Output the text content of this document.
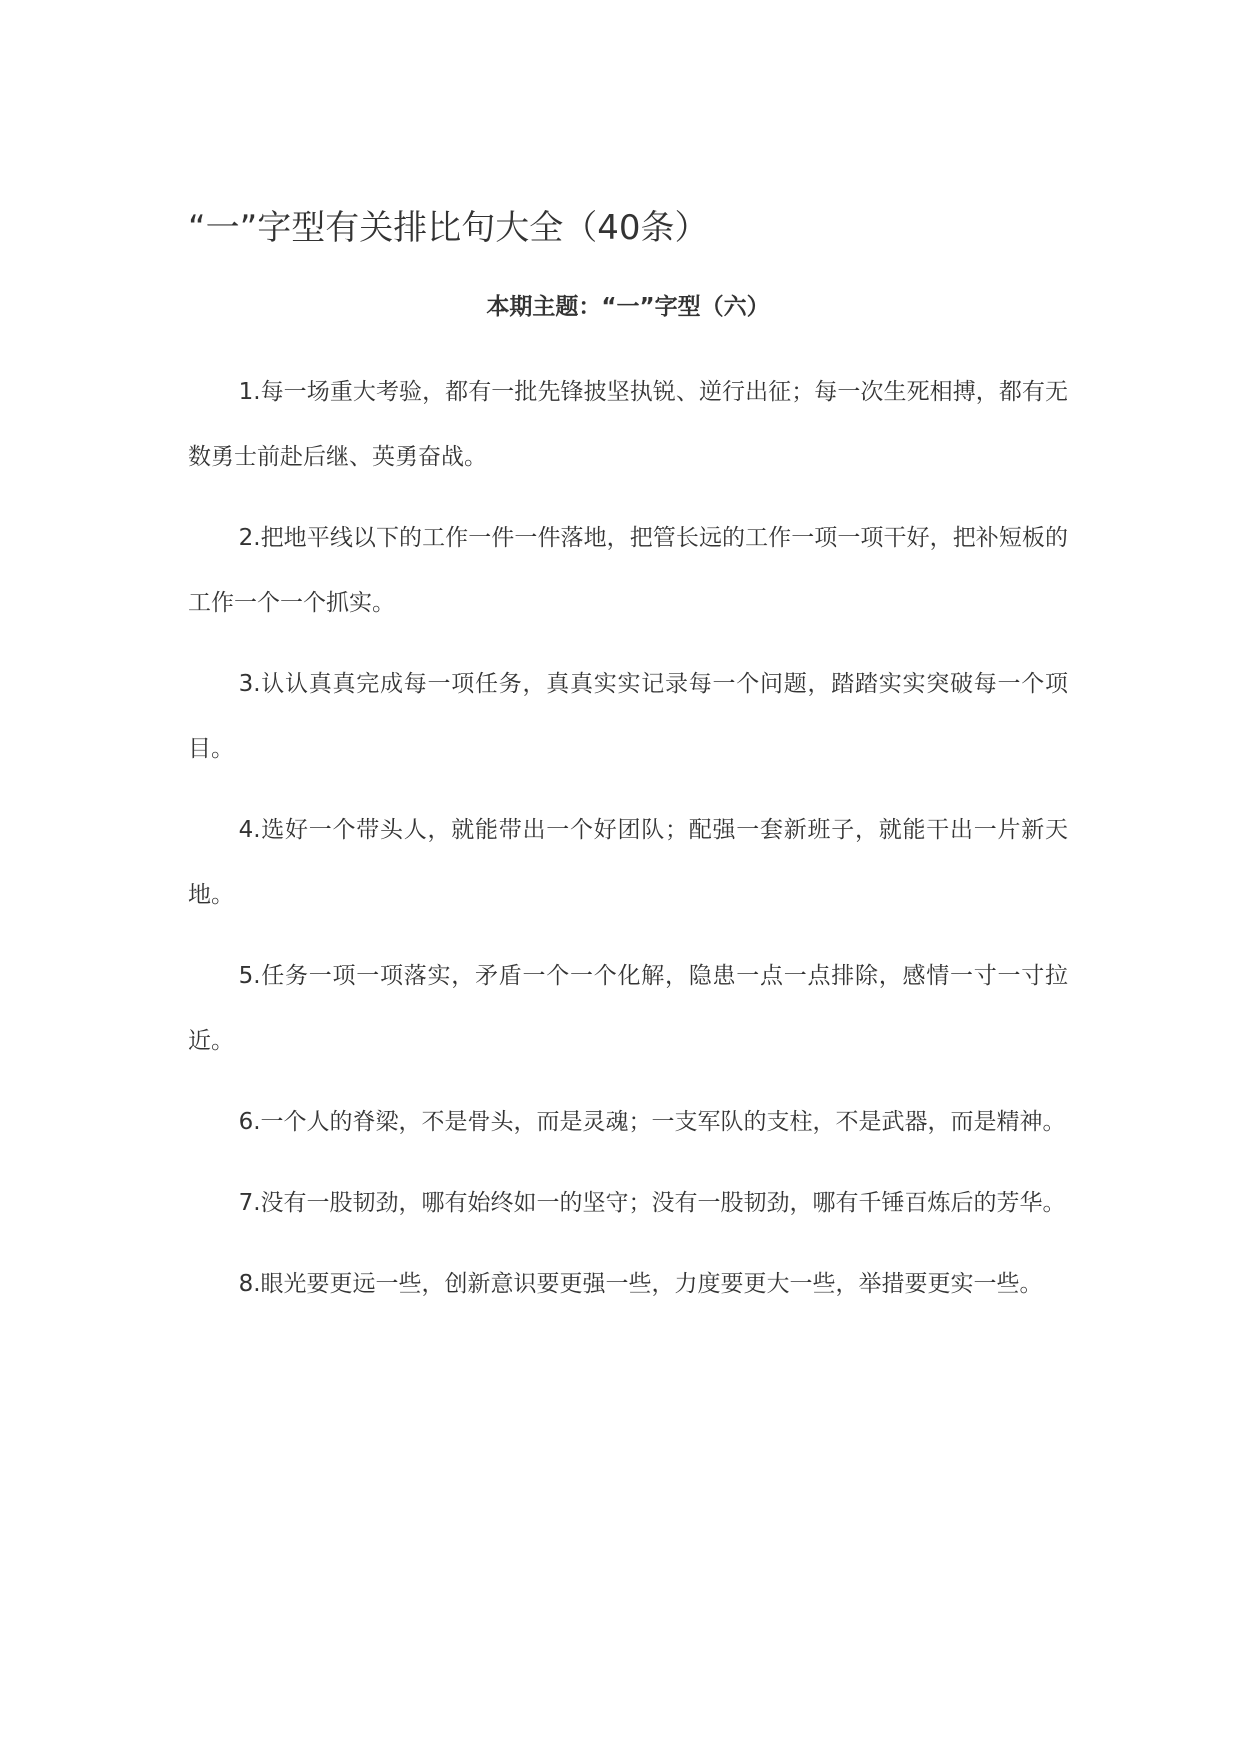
“一”字型有关排比句大全（40条）
本期主题：“一”字型（六）

1.每一场重大考验，都有一批先锋披坚执锐、逆行出征；每一次生死相搏，都有无数勇士前赴后继、英勇奋战。

2.把地平线以下的工作一件一件落地，把管长远的工作一项一项干好，把补短板的工作一个一个抓实。

3.认认真真完成每一项任务，真真实实记录每一个问题，踏踏实实突破每一个项目。

4.选好一个带头人，就能带出一个好团队；配强一套新班子，就能干出一片新天地。

5.任务一项一项落实，矛盾一个一个化解，隐患一点一点排除，感情一寸一寸拉近。

6.一个人的脊梁，不是骨头，而是灵魂；一支军队的支柱，不是武器，而是精神。

7.没有一股韧劲，哪有始终如一的坚守；没有一股韧劲，哪有千锤百炼后的芳华。

8.眼光要更远一些，创新意识要更强一些，力度要更大一些，举措要更实一些。
